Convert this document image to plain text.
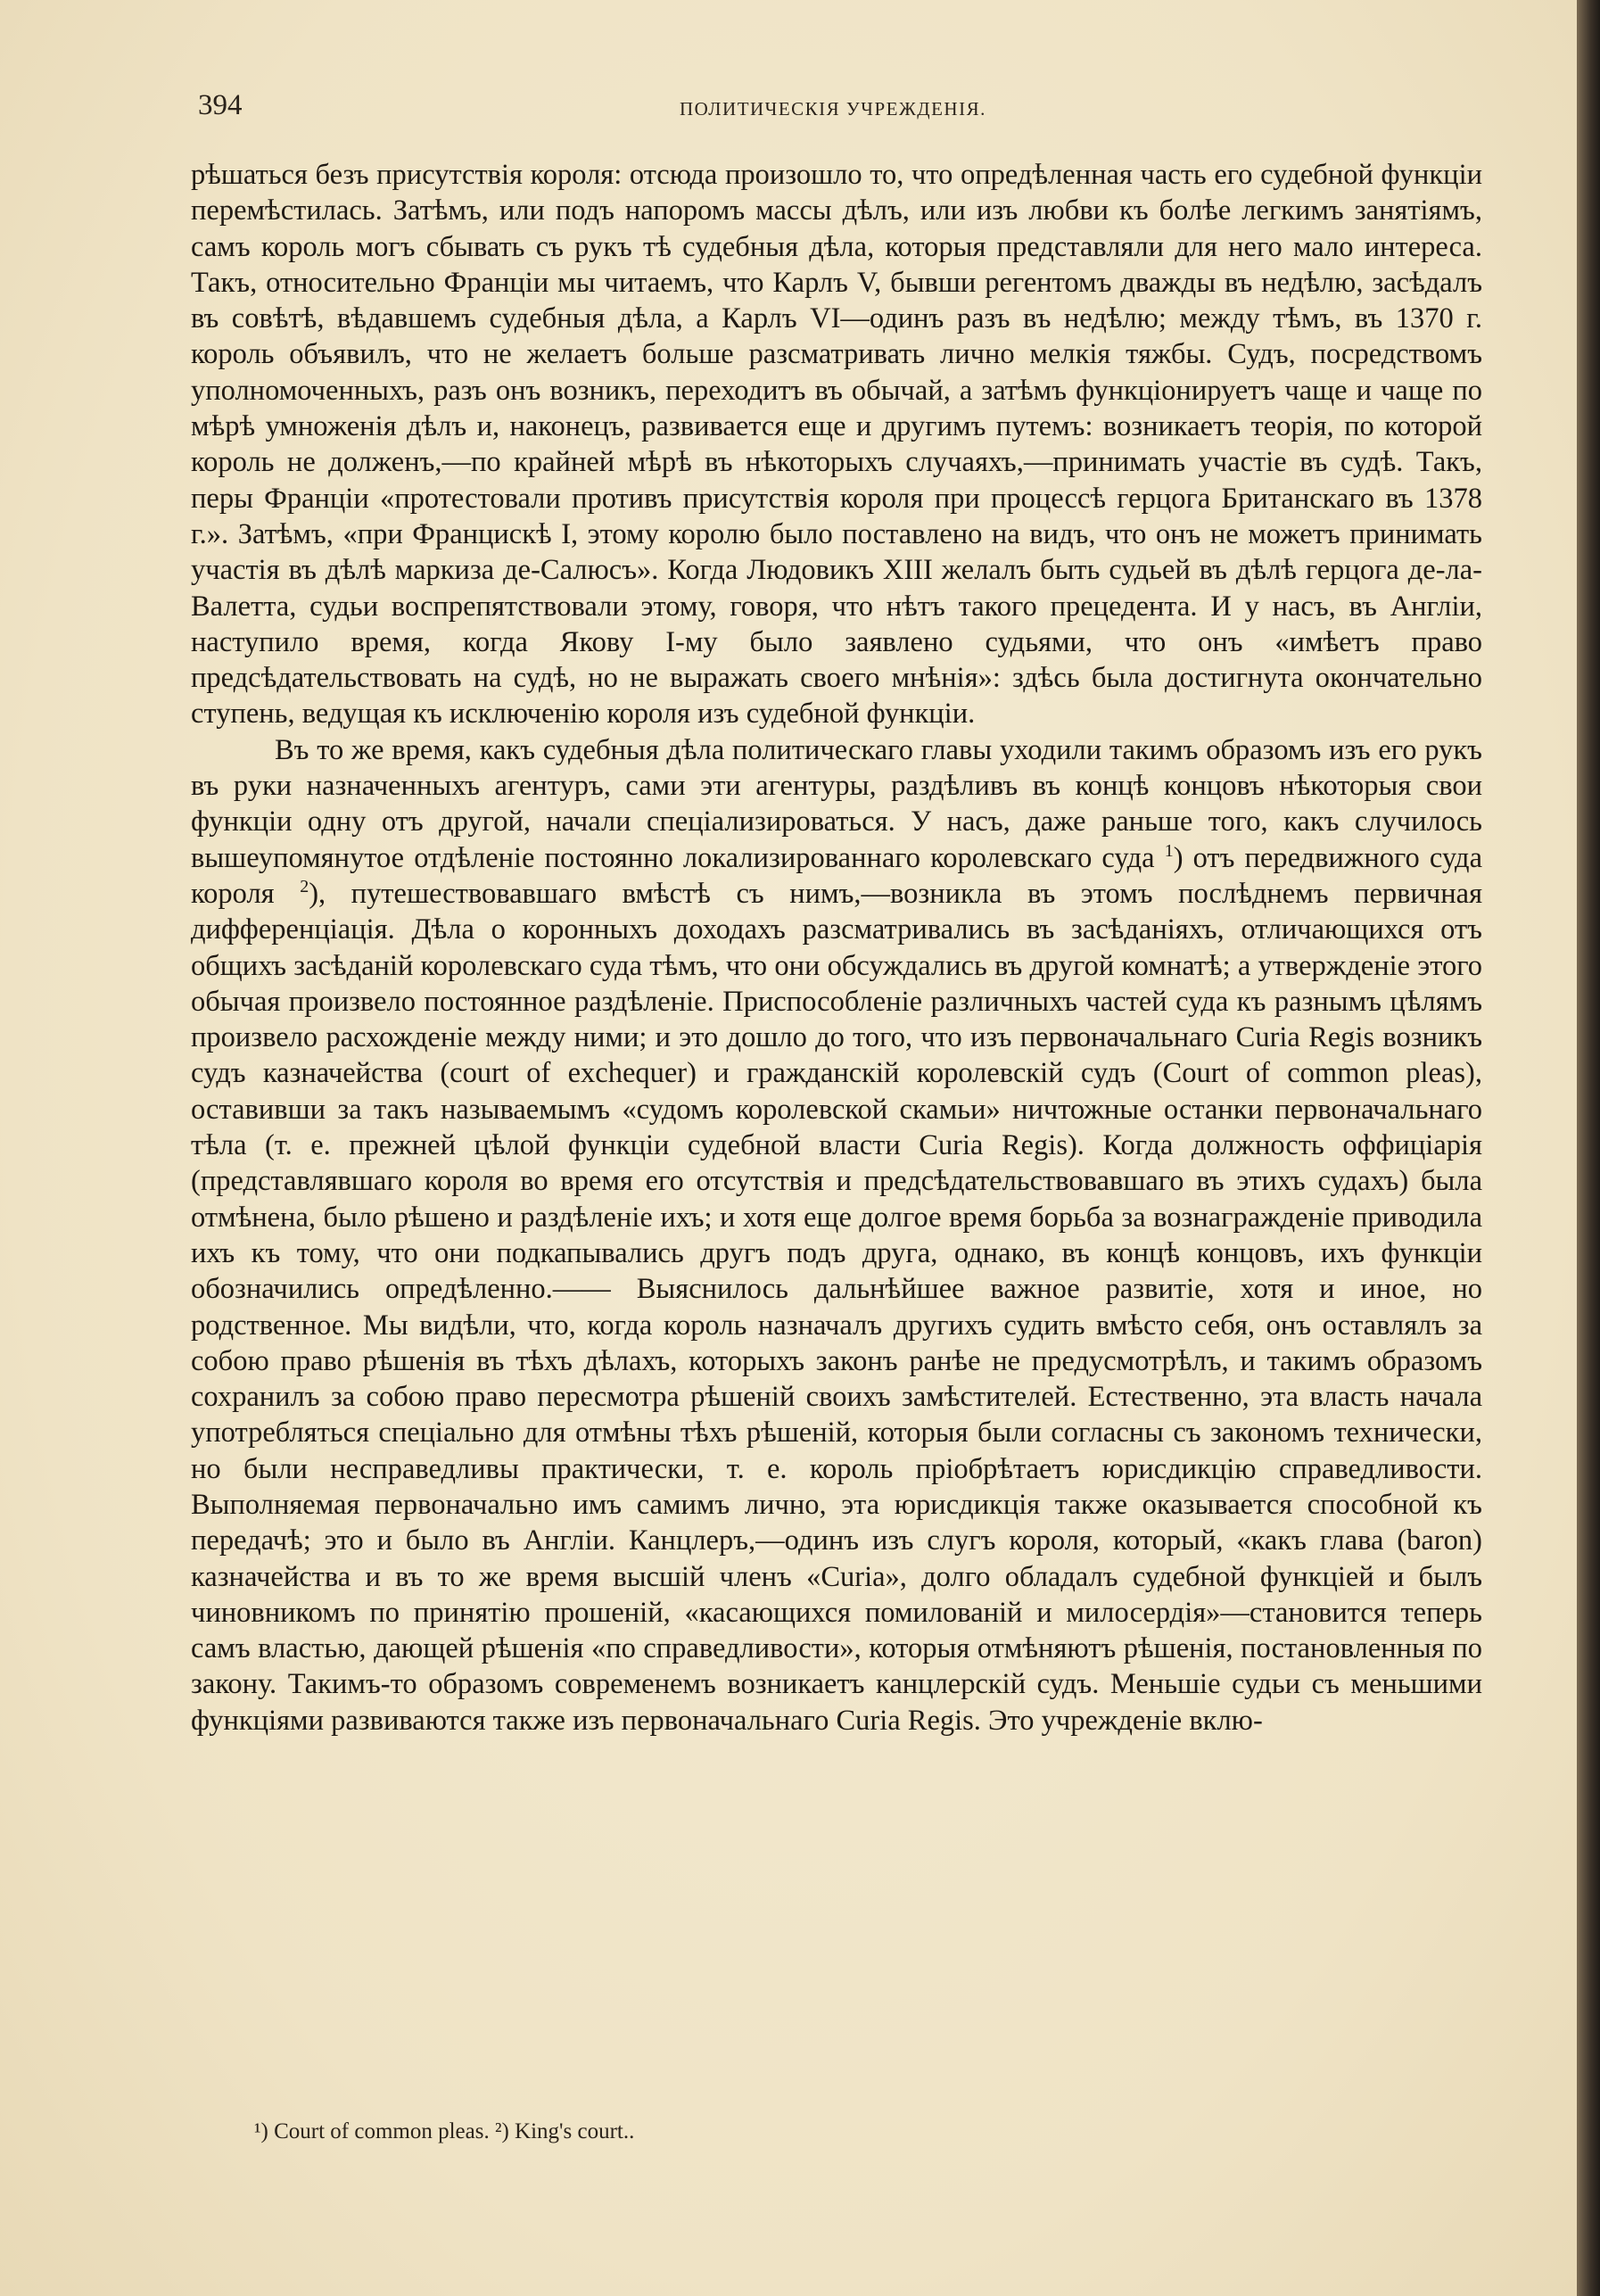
394	ПОЛИТИЧЕСКІЯ УЧРЕЖДЕНІЯ.

рѣшаться безъ присутствія короля: отсюда произошло то, что опредѣленная часть его судебной функціи перемѣстилась. Затѣмъ, или подъ напоромъ массы дѣлъ, или изъ любви къ болѣе легкимъ занятіямъ, самъ король могъ сбывать съ рукъ тѣ судебныя дѣла, которыя представляли для него мало интереса. Такъ, относительно Франціи мы читаемъ, что Карлъ V, бывши регентомъ дважды въ недѣлю, засѣдалъ въ совѣтѣ, вѣдавшемъ судебныя дѣла, а Карлъ VI—одинъ разъ въ недѣлю; между тѣмъ, въ 1370 г. король объявилъ, что не желаетъ больше разсматривать лично мелкія тяжбы. Судъ, посредствомъ уполномоченныхъ, разъ онъ возникъ, переходитъ въ обычай, а затѣмъ функціонируетъ чаще и чаще по мѣрѣ умноженія дѣлъ и, наконецъ, развивается еще и другимъ путемъ: возникаетъ теорія, по которой король не долженъ,—по крайней мѣрѣ въ нѣкоторыхъ случаяхъ,—принимать участіе въ судѣ. Такъ, перы Франціи «протестовали противъ присутствія короля при процессѣ герцога Британскаго въ 1378 г.». Затѣмъ, «при Францискѣ I, этому королю было поставлено на видъ, что онъ не можетъ принимать участія въ дѣлѣ маркиза де-Салюсъ». Когда Людовикъ XIII желалъ быть судьей въ дѣлѣ герцога де-ла-Валетта, судьи воспрепятствовали этому, говоря, что нѣтъ такого прецедента. И у насъ, въ Англіи, наступило время, когда Якову I-му было заявлено судьями, что онъ «имѣетъ право предсѣдательствовать на судѣ, но не выражать своего мнѣнія»: здѣсь была достигнута окончательно ступень, ведущая къ исключенію короля изъ судебной функціи.

Въ то же время, какъ судебныя дѣла политическаго главы уходили такимъ образомъ изъ его рукъ въ руки назначенныхъ агентуръ, сами эти агентуры, раздѣливъ въ концѣ концовъ нѣкоторыя свои функціи одну отъ другой, начали спеціализироваться. У насъ, даже раньше того, какъ случилось вышеупомянутое отдѣленіе постоянно локализированнаго королевскаго суда $^1$) отъ передвижного суда короля $^2$), путешествовавшаго вмѣстѣ съ нимъ,—возникла въ этомъ послѣднемъ первичная дифференціація. Дѣла о коронныхъ доходахъ разсматривались въ засѣданіяхъ, отличающихся отъ общихъ засѣданій королевскаго суда тѣмъ, что они обсуждались въ другой комнатѣ; а утвержденіе этого обычая произвело постоянное раздѣленіе. Приспособленіе различныхъ частей суда къ разнымъ цѣлямъ произвело расхожденіе между ними; и это дошло до того, что изъ первоначальнаго Curia Regis возникъ судъ казначейства (court of exchequer) и гражданскій королевскій судъ (Court of common pleas), оставивши за такъ называемымъ «судомъ королевской скамьи» ничтожные останки первоначальнаго тѣла (т. е. прежней цѣлой функціи судебной власти Curia Regis). Когда должность оффиціарія (представлявшаго короля во время его отсутствія и предсѣдательствовавшаго въ этихъ судахъ) была отмѣнена, было рѣшено и раздѣленіе ихъ; и хотя еще долгое время борьба за вознагражденіе приводила ихъ къ тому, что они подкапывались другъ подъ друга, однако, въ концѣ концовъ, ихъ функціи обозначились опредѣленно.—— Выяснилось дальнѣйшее важное развитіе, хотя и иное, но родственное. Мы видѣли, что, когда король назначалъ другихъ судить вмѣсто себя, онъ оставлялъ за собою право рѣшенія въ тѣхъ дѣлахъ, которыхъ законъ ранѣе не предусмотрѣлъ, и такимъ образомъ сохранилъ за собою право пересмотра рѣшеній своихъ замѣстителей. Естественно, эта власть начала употребляться спеціально для отмѣны тѣхъ рѣшеній, которыя были согласны съ закономъ технически, но были несправедливы практически, т. е. король пріобрѣтаетъ юрисдикцію справедливости. Выполняемая первоначально имъ самимъ лично, эта юрисдикція также оказывается способной къ передачѣ; это и было въ Англіи. Канцлеръ,—одинъ изъ слугъ короля, который, «какъ глава (baron) казначейства и въ то же время высшій членъ «Curia», долго обладалъ судебной функціей и былъ чиновникомъ по принятію прошеній, «касающихся помилованій и милосердія»—становится теперь самъ властью, дающей рѣшенія «по справедливости», которыя отмѣняютъ рѣшенія, постановленныя по закону. Такимъ-то образомъ современемъ возникаетъ канцлерскій судъ. Меньшіе судьи съ меньшими функціями развиваются также изъ первоначальнаго Curia Regis. Это учрежденіе вклю-

¹) Court of common pleas. ²) King's court..
